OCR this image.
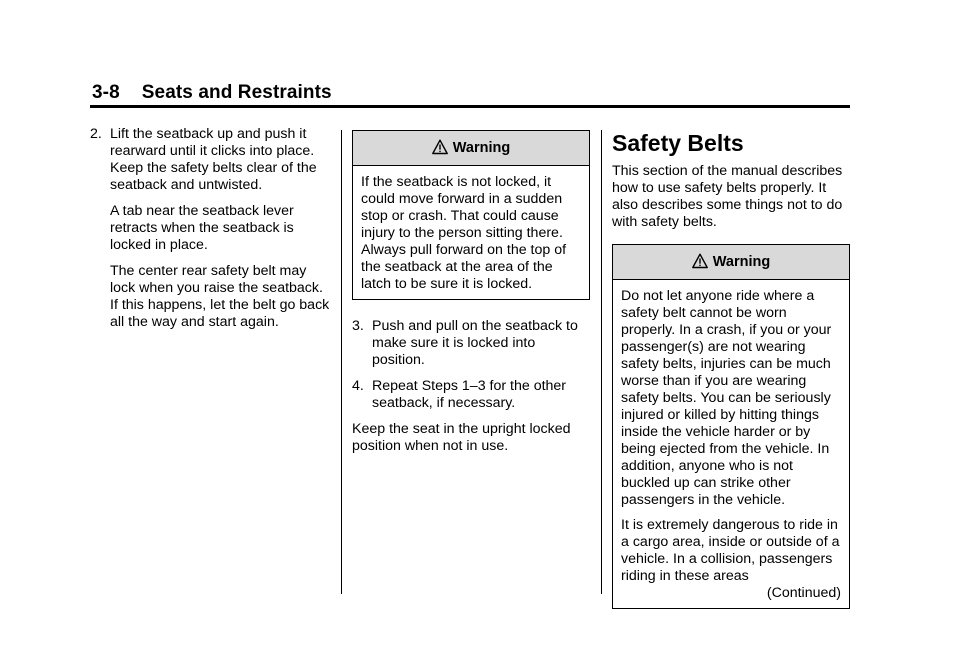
3-8 Seats and Restraints
2. Lift the seatback up and push it rearward until it clicks into place. Keep the safety belts clear of the seatback and untwisted.

A tab near the seatback lever retracts when the seatback is locked in place.

The center rear safety belt may lock when you raise the seatback. If this happens, let the belt go back all the way and start again.

Warning

If the seatback is not locked, it could move forward in a sudden stop or crash. That could cause injury to the person sitting there. Always pull forward on the top of the seatback at the area of the latch to be sure it is locked.

3. Push and pull on the seatback to make sure it is locked into position.
4. Repeat Steps 1–3 for the other seatback, if necessary.

Keep the seat in the upright locked position when not in use.

Safety Belts

This section of the manual describes how to use safety belts properly. It also describes some things not to do with safety belts.

Warning

Do not let anyone ride where a safety belt cannot be worn properly. In a crash, if you or your passenger(s) are not wearing safety belts, injuries can be much worse than if you are wearing safety belts. You can be seriously injured or killed by hitting things inside the vehicle harder or by being ejected from the vehicle. In addition, anyone who is not buckled up can strike other passengers in the vehicle.

It is extremely dangerous to ride in a cargo area, inside or outside of a vehicle. In a collision, passengers riding in these areas

(Continued)
